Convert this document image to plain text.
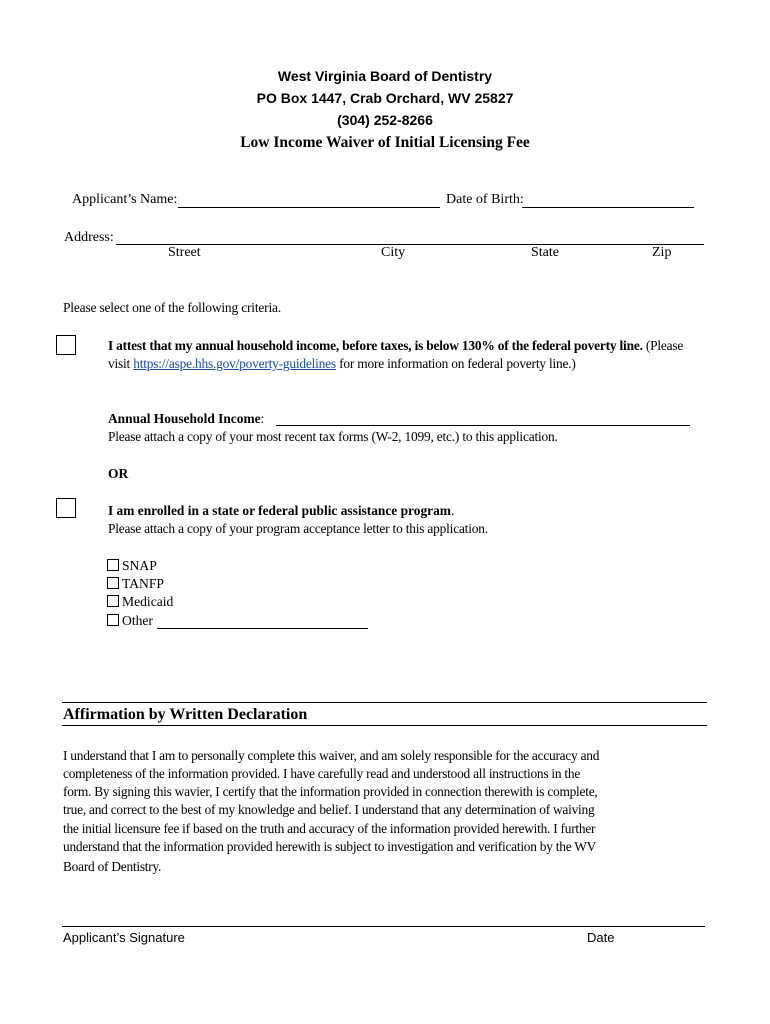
West Virginia Board of Dentistry
PO Box 1447, Crab Orchard, WV 25827
(304) 252-8266
Low Income Waiver of Initial Licensing Fee
Applicant’s Name:	Date of Birth:
Address:
Street	City	State	Zip
Please select one of the following criteria.
I attest that my annual household income, before taxes, is below 130% of the federal poverty line. (Please visit https://aspe.hhs.gov/poverty-guidelines for more information on federal poverty line.)
Annual Household Income:
Please attach a copy of your most recent tax forms (W-2, 1099, etc.) to this application.
OR
I am enrolled in a state or federal public assistance program.
Please attach a copy of your program acceptance letter to this application.
SNAP
TANFP
Medicaid
Other
Affirmation by Written Declaration
I understand that I am to personally complete this waiver, and am solely responsible for the accuracy and
completeness of the information provided. I have carefully read and understood all instructions in the
form. By signing this wavier, I certify that the information provided in connection therewith is complete,
true, and correct to the best of my knowledge and belief. I understand that any determination of waiving
the initial licensure fee if based on the truth and accuracy of the information provided herewith. I further
understand that the information provided herewith is subject to investigation and verification by the WV
Board of Dentistry.
Applicant’s Signature	Date
